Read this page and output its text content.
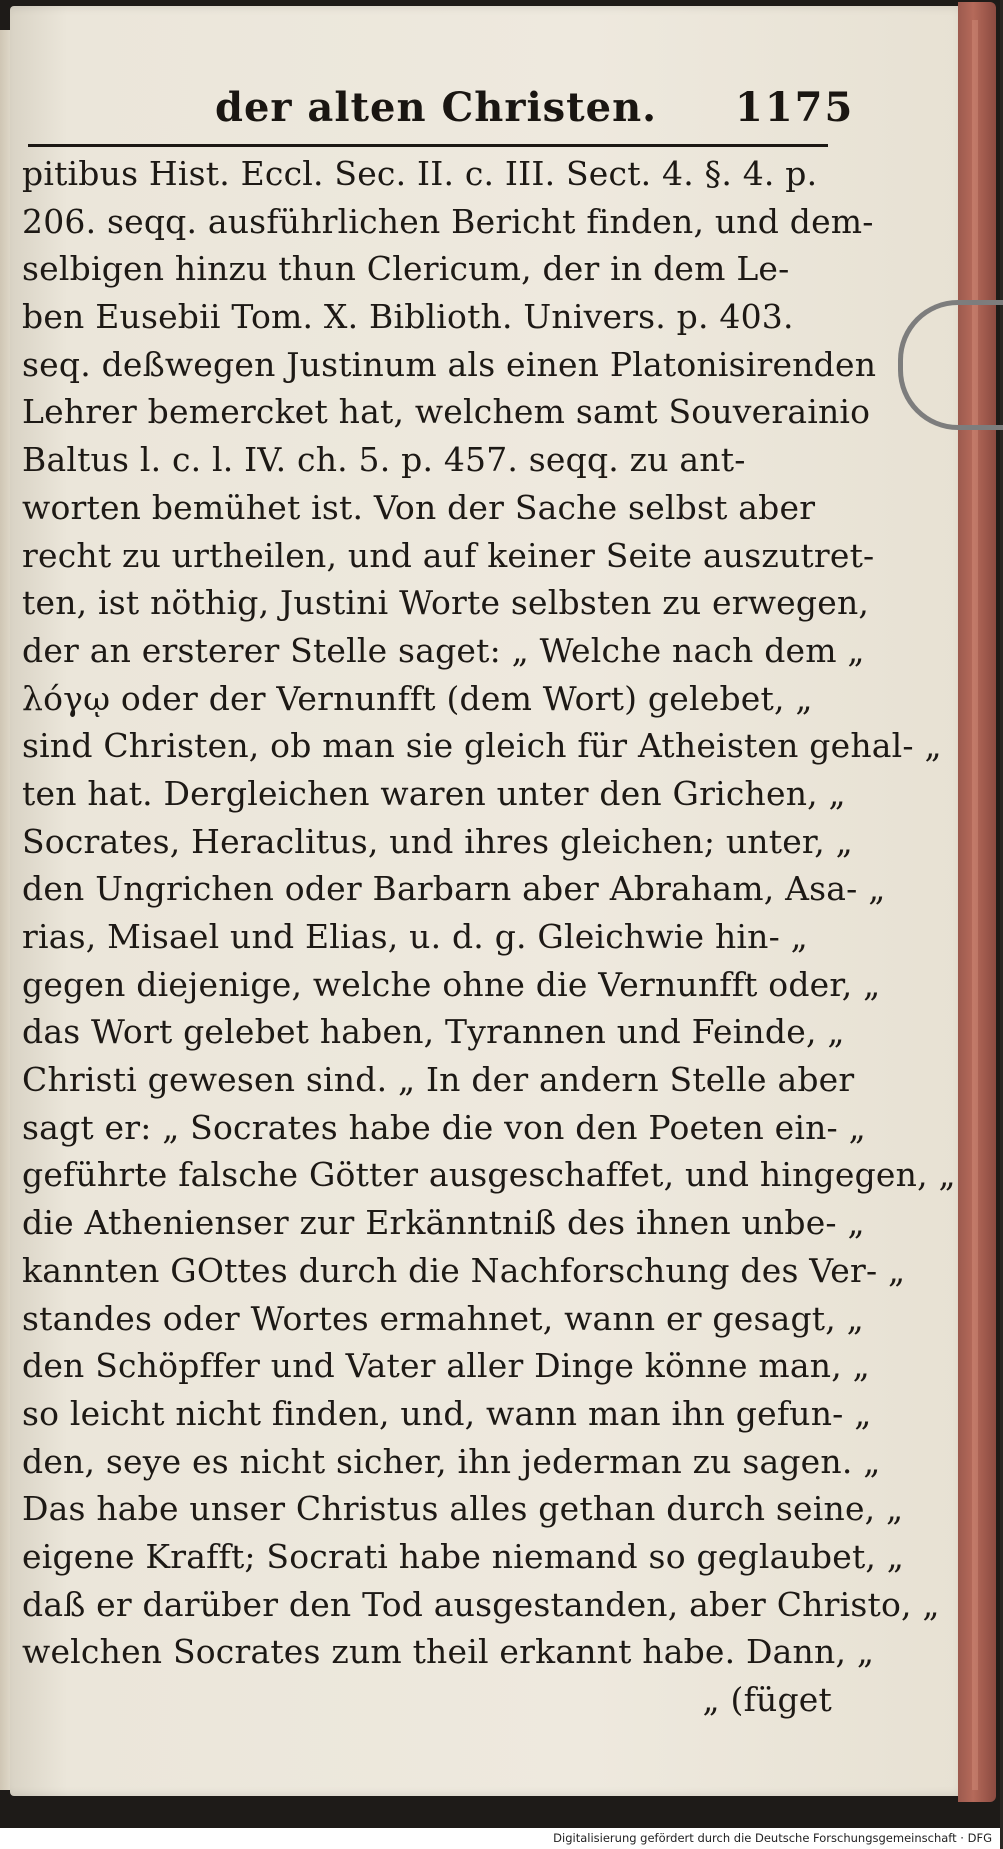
der alten Christen. 1175
pitibus Hist. Eccl. Sec. II. c. III. Sect. 4. §. 4. p.
206. seqq. ausführlichen Bericht finden, und dem-
selbigen hinzu thun Clericum, der in dem Le-
ben Eusebii Tom. X. Biblioth. Univers. p. 403.
seq. deßwegen Justinum als einen Platonisirenden
Lehrer bemercket hat, welchem samt Souverainio
Baltus l. c. l. IV. ch. 5. p. 457. seqq. zu ant-
worten bemühet ist. Von der Sache selbst aber
recht zu urtheilen, und auf keiner Seite auszutret-
ten, ist nöthig, Justini Worte selbsten zu erwegen,
der an ersterer Stelle saget: „ Welche nach dem „
λόγῳ oder der Vernunfft (dem Wort) gelebet, „
sind Christen, ob man sie gleich für Atheisten gehal- „
ten hat. Dergleichen waren unter den Grichen, „
Socrates, Heraclitus, und ihres gleichen; unter, „
den Ungrichen oder Barbarn aber Abraham, Asa- „
rias, Misael und Elias, u. d. g. Gleichwie hin- „
gegen diejenige, welche ohne die Vernunfft oder, „
das Wort gelebet haben, Tyrannen und Feinde, „
Christi gewesen sind. „ In der andern Stelle aber
sagt er: „ Socrates habe die von den Poeten ein- „
geführte falsche Götter ausgeschaffet, und hingegen, „
die Athenienser zur Erkänntniß des ihnen unbe- „
kannten GOttes durch die Nachforschung des Ver- „
standes oder Wortes ermahnet, wann er gesagt, „
den Schöpffer und Vater aller Dinge könne man, „
so leicht nicht finden, und, wann man ihn gefun- „
den, seye es nicht sicher, ihn jederman zu sagen. „
Das habe unser Christus alles gethan durch seine, „
eigene Krafft; Socrati habe niemand so geglaubet, „
daß er darüber den Tod ausgestanden, aber Christo, „
welchen Socrates zum theil erkannt habe. Dann, „
„ (füget
Digitalisierung gefördert durch die Deutsche Forschungsgemeinschaft · DFG
